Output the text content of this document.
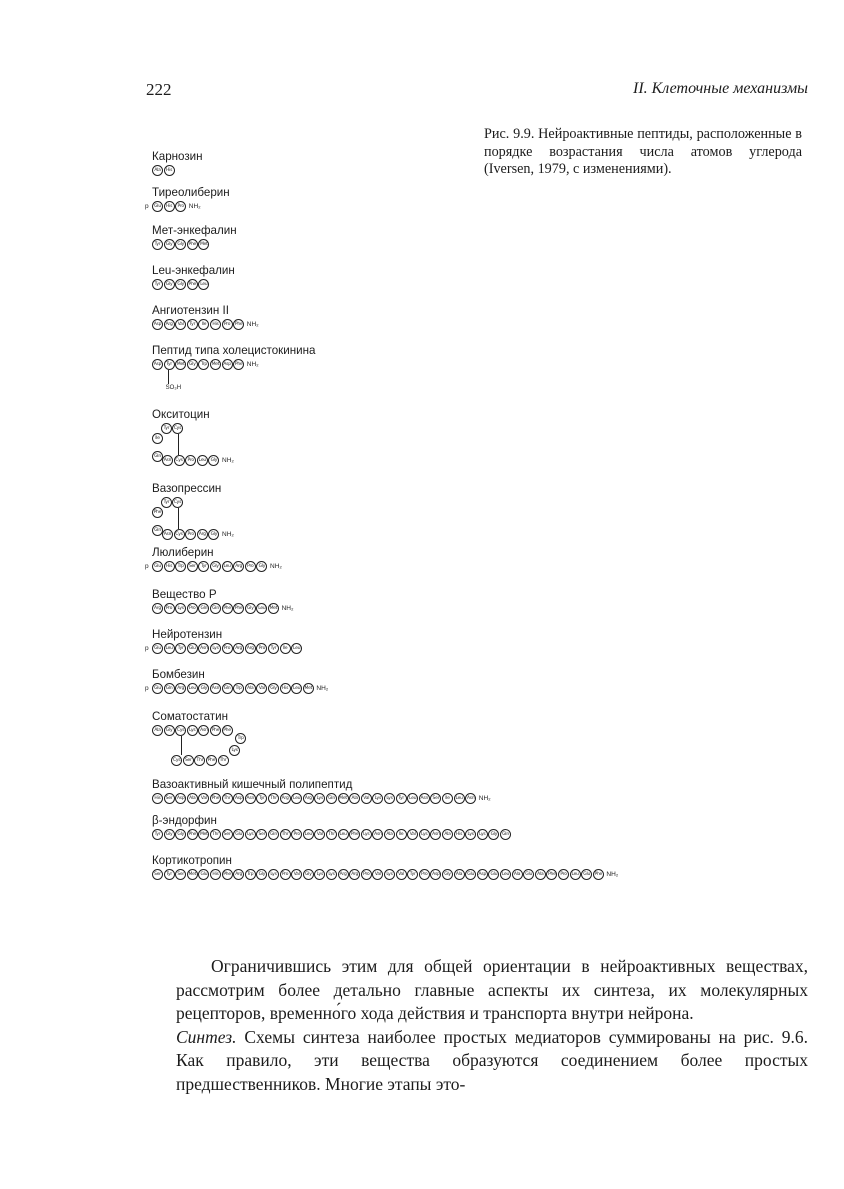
222	II. Клеточные механизмы
Рис. 9.9. Нейроактивные пептиды, расположенные в порядке возрастания числа атомов углерода (Iversen, 1979, с изменениями).
Карнозин
Ala	His
Тиреолиберин
p	Glu	His	Pro NH₂
Мет-энкефалин
Tyr	Gly	Gly	Phe Met
Leu-энкефалин
Tyr	Gly	Gly	Phe Leu
Ангиотензин II
Asp Arg	Val	Tyr	Ile	His	Pro	Phe NH₂
Пептид типа холецистокинина
Asp	Tyr	Met	Gly	Trp	Met Asp Phe NH₂
SO₃H
Окситоцин
Ile
Tyr	Cys
Gln
Asn Cys	Pro	Leu	Gly NH₂
Вазопрессин
Phe
Tyr	Cys
Gln
Asn Cys	Pro	Arg	Gly NH₂
Люлиберин
p	Glu	His	Trp	Ser	Tyr	Gly	Leu	Arg	Pro	Gly NH₂
Вещество Р
Arg	Pro	Lys	Pro	Gln	Gln	Phe Phe	Gly	Leu Met NH₂
Нейротензин
p	Glu	Leu	Tyr	Glu	Asn	Lys	Pro	Arg	Arg	Pro	Tyr	Ile	Leu
Бомбезин
p	Glu	Gln	Arg	Leu	Gly	Asn	Gln	Trp	Ala	Val	Gly	His	Leu Met NH₂
Соматостатин
Ala	Gly	Cys	Lys	Asn Phe Phe
Trp
Lys
Cys	Ser	Thr	Phe	Thr
Вазоактивный кишечный полипептид
His	Ser	Asp	Ala	Val	Phe	Thr	Asp Asn	Tyr	Thr	Arg	Leu	Arg	Lys	Gln Met	Ala	Val	Lys	Lys	Tyr	Leu Asn	Ser	Ile	Leu Asn NH₂
β-эндорфин
Tyr	Gly	Gly	Phe Met	Thr	Ser	Glu	Lys	Ser	Gln	Thr	Pro	Leu	Val	Thr	Leu Phe	Lys	Asn	Ala	Ile	Val	Lys	Asn	Ala	His	Lys	Lys	Gly	Gln
Кортикотропин
Ser	Tyr	Ser	Met Glu	His	Phe Arg	Trp	Gly	Lys	Pro	Val	Gly	Lys	Lys	Arg	Arg	Pro	Val	Lys	Val	Tyr	Pro	Asp	Gly	Ala	Glu	Asp	Glu	Leu	Ala	Glu	Ala	Phe	Pro	Leu	Glu	Phe NH₂

  Ограничившись этим для общей ориентации в нейроактивных веществах, рассмотрим более детально главные аспекты их синтеза, их молекулярных рецепторов, временно́го хода действия и транспорта внутри нейрона.

Синтез. Схемы синтеза наиболее простых медиаторов суммированы на рис. 9.6. Как правило, эти вещества образуются соединением более простых предшественников. Многие этапы это-
